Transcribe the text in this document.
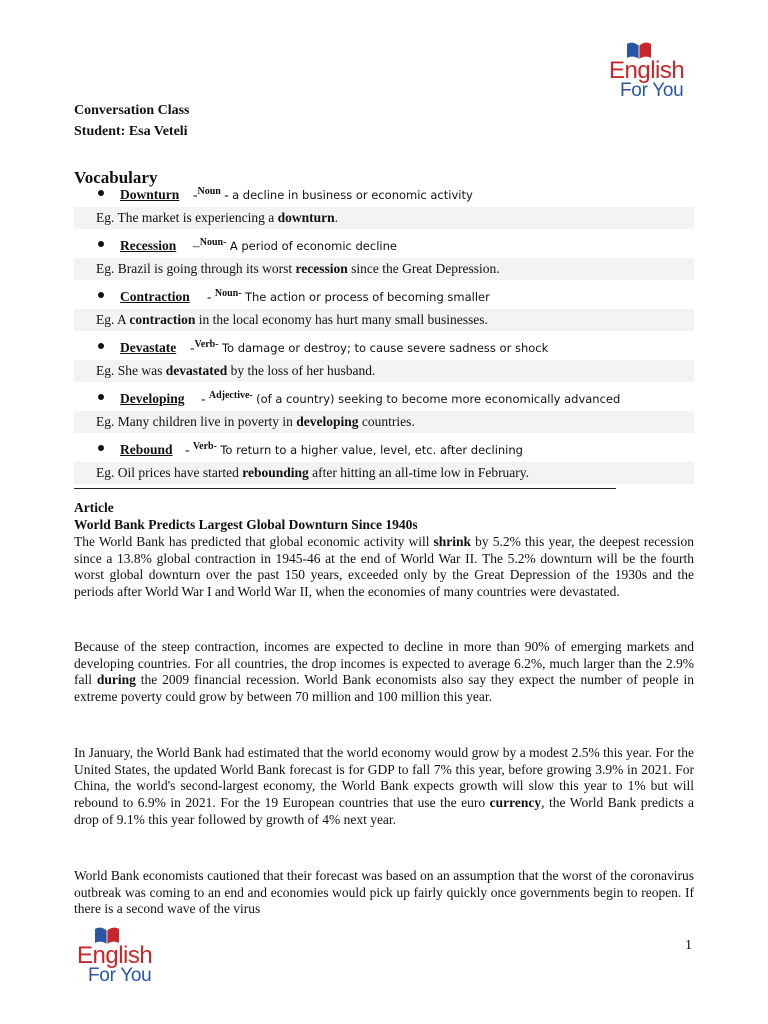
English
For You
Conversation Class
Student: Esa Veteli
Vocabulary
Downturn -$^{Noun}$ - a decline in business or economic activity
Eg. The market is experiencing a downturn.
Recession –$^{Noun-}$ A period of economic decline
Eg. Brazil is going through its worst recession since the Great Depression.
Contraction - $^{Noun-}$ The action or process of becoming smaller
Eg. A contraction in the local economy has hurt many small businesses.
Devastate -$^{Verb-}$ To damage or destroy; to cause severe sadness or shock
Eg. She was devastated by the loss of her husband.
Developing - $^{Adjective-}$ (of a country) seeking to become more economically advanced
Eg. Many children live in poverty in developing countries.
Rebound - $^{Verb-}$ To return to a higher value, level, etc. after declining
Eg. Oil prices have started rebounding after hitting an all-time low in February.
Article
World Bank Predicts Largest Global Downturn Since 1940s
The World Bank has predicted that global economic activity will shrink by 5.2% this year, the deepest recession since a 13.8% global contraction in 1945-46 at the end of World War II. The 5.2% downturn will be the fourth worst global downturn over the past 150 years, exceeded only by the Great Depression of the 1930s and the periods after World War I and World War II, when the economies of many countries were devastated.
Because of the steep contraction, incomes are expected to decline in more than 90% of emerging markets and developing countries. For all countries, the drop incomes is expected to average 6.2%, much larger than the 2.9% fall during the 2009 financial recession. World Bank economists also say they expect the number of people in extreme poverty could grow by between 70 million and 100 million this year.
In January, the World Bank had estimated that the world economy would grow by a modest 2.5% this year. For the United States, the updated World Bank forecast is for GDP to fall 7% this year, before growing 3.9% in 2021. For China, the world's second-largest economy, the World Bank expects growth will slow this year to 1% but will rebound to 6.9% in 2021. For the 19 European countries that use the euro currency, the World Bank predicts a drop of 9.1% this year followed by growth of 4% next year.
World Bank economists cautioned that their forecast was based on an assumption that the worst of the coronavirus outbreak was coming to an end and economies would pick up fairly quickly once governments begin to reopen. If there is a second wave of the virus
1
English
For You
